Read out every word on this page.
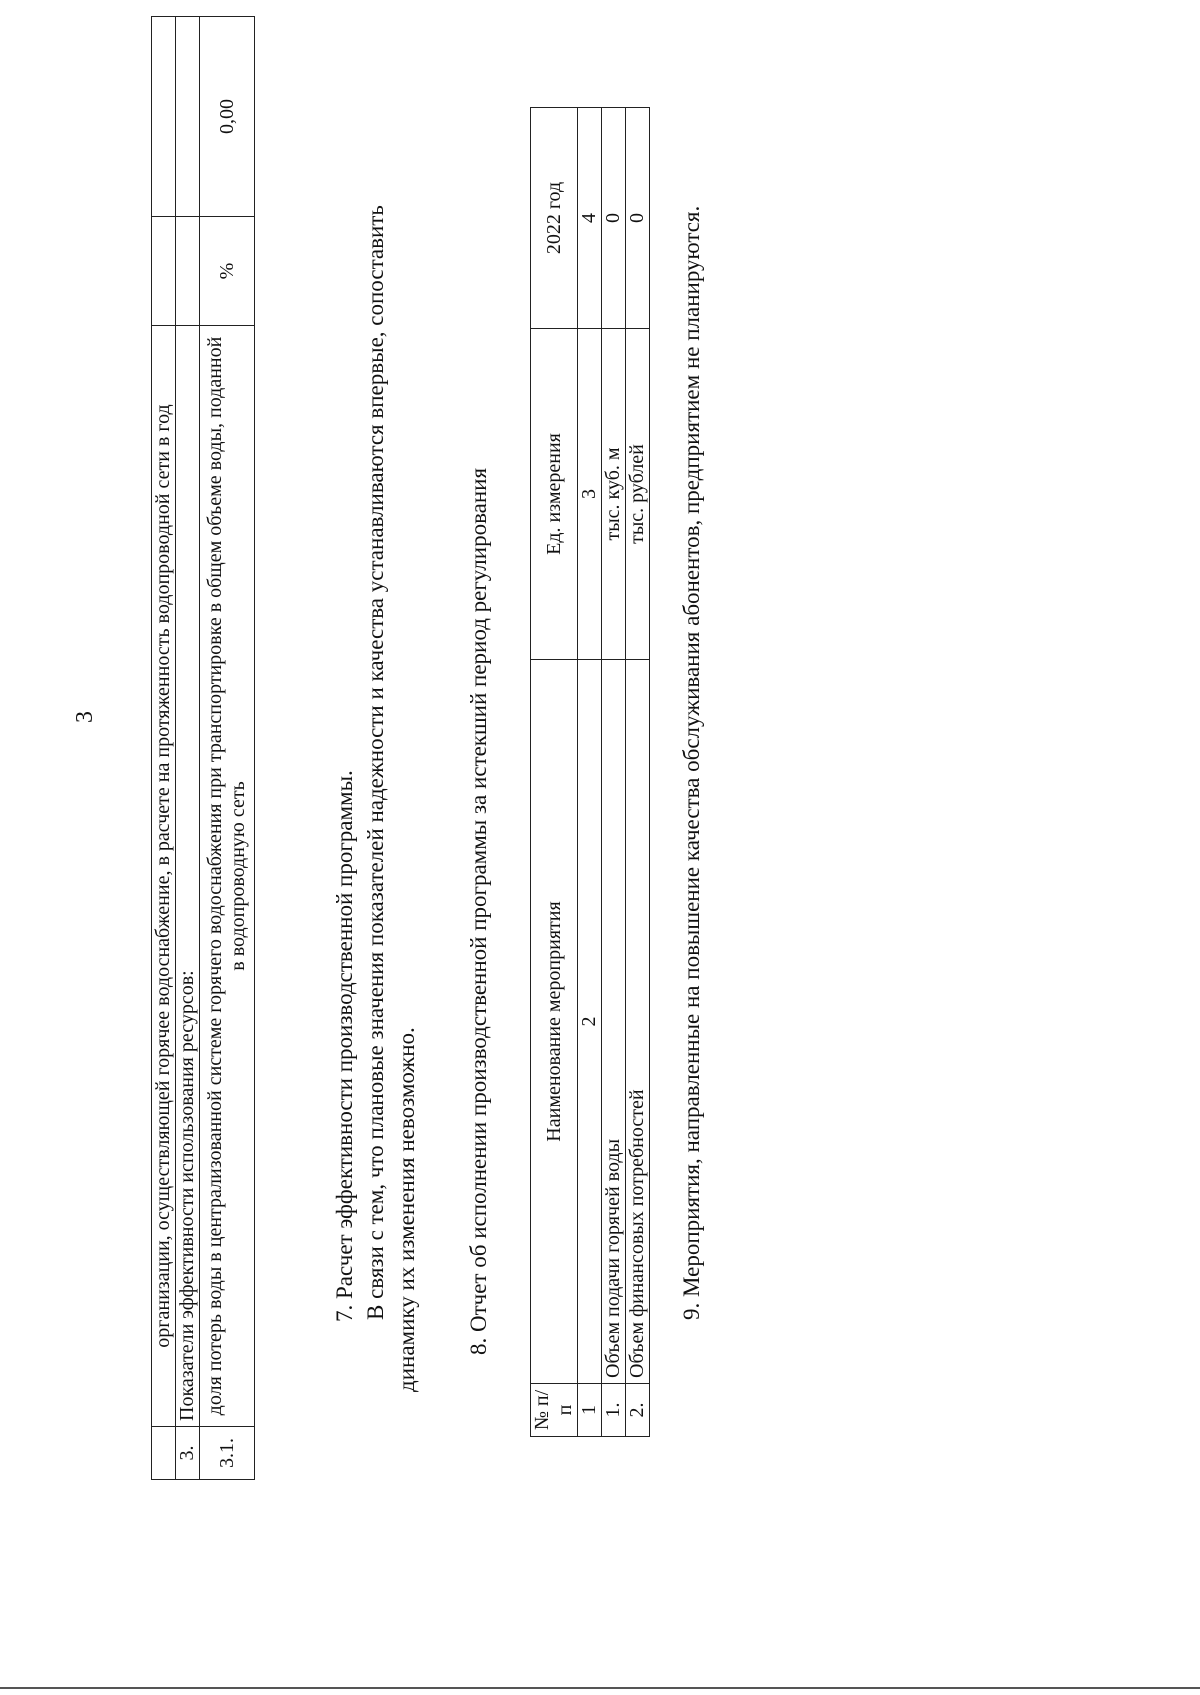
3
		организации, осуществляющей горячее водоснабжение, в расчете на протяженность водопроводной сети в год		
3.	Показатели эффективности использования ресурсов:		
3.1.	доля потерь воды в централизованной системе горячего водоснабжения при транспортировке в общем объеме воды, поданной в водопроводную сеть	%	0,00
7. Расчет эффективности производственной программы. В связи с тем, что плановые значения показателей надежности и качества устанавливаются впервые, сопоставить динамику их изменения невозможно. 8. Отчет об исполнении производственной программы за истекший период регулирования
№ п/п	Наименование мероприятия	Ед. измерения	2022 год
1	2	3	4
1.	Объем подачи горячей воды	тыс. куб. м	0
2.	Объем финансовых потребностей	тыс. рублей	0 9. Мероприятия, направленные на повышение качества обслуживания абонентов, предприятием не планируются.
